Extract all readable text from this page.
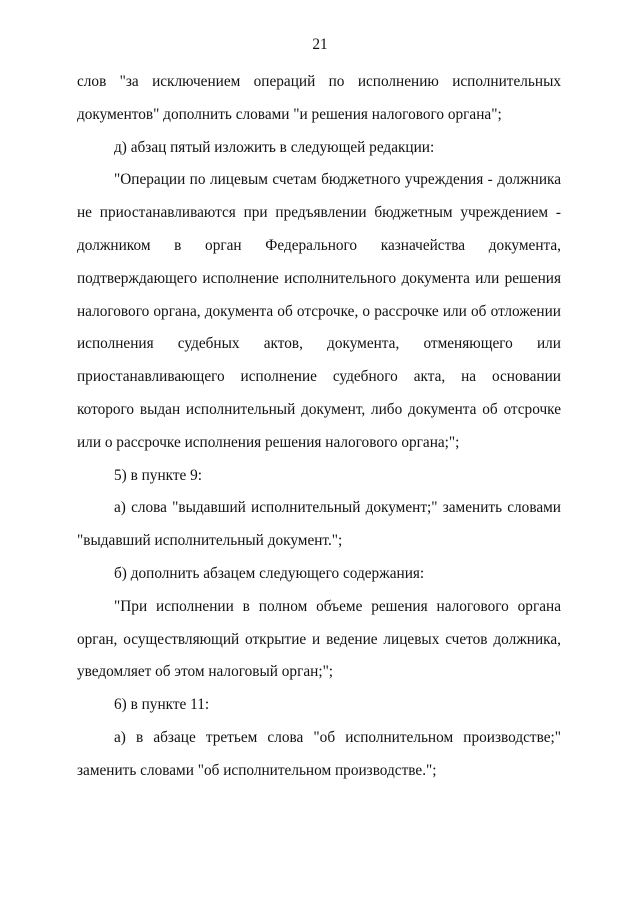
21

слов "за исключением операций по исполнению исполнительных документов" дополнить словами "и решения налогового органа";

д) абзац пятый изложить в следующей редакции:

"Операции по лицевым счетам бюджетного учреждения - должника не приостанавливаются при предъявлении бюджетным учреждением - должником в орган Федерального казначейства документа, подтверждающего исполнение исполнительного документа или решения налогового органа, документа об отсрочке, о рассрочке или об отложении исполнения судебных актов, документа, отменяющего или приостанавливающего исполнение судебного акта, на основании которого выдан исполнительный документ, либо документа об отсрочке или о рассрочке исполнения решения налогового органа;";

5) в пункте 9:

а) слова "выдавший исполнительный документ;" заменить словами "выдавший исполнительный документ.";

б) дополнить абзацем следующего содержания:

"При исполнении в полном объеме решения налогового органа орган, осуществляющий открытие и ведение лицевых счетов должника, уведомляет об этом налоговый орган;";

6) в пункте 11:

а) в абзаце третьем слова "об исполнительном производстве;" заменить словами "об исполнительном производстве.";
